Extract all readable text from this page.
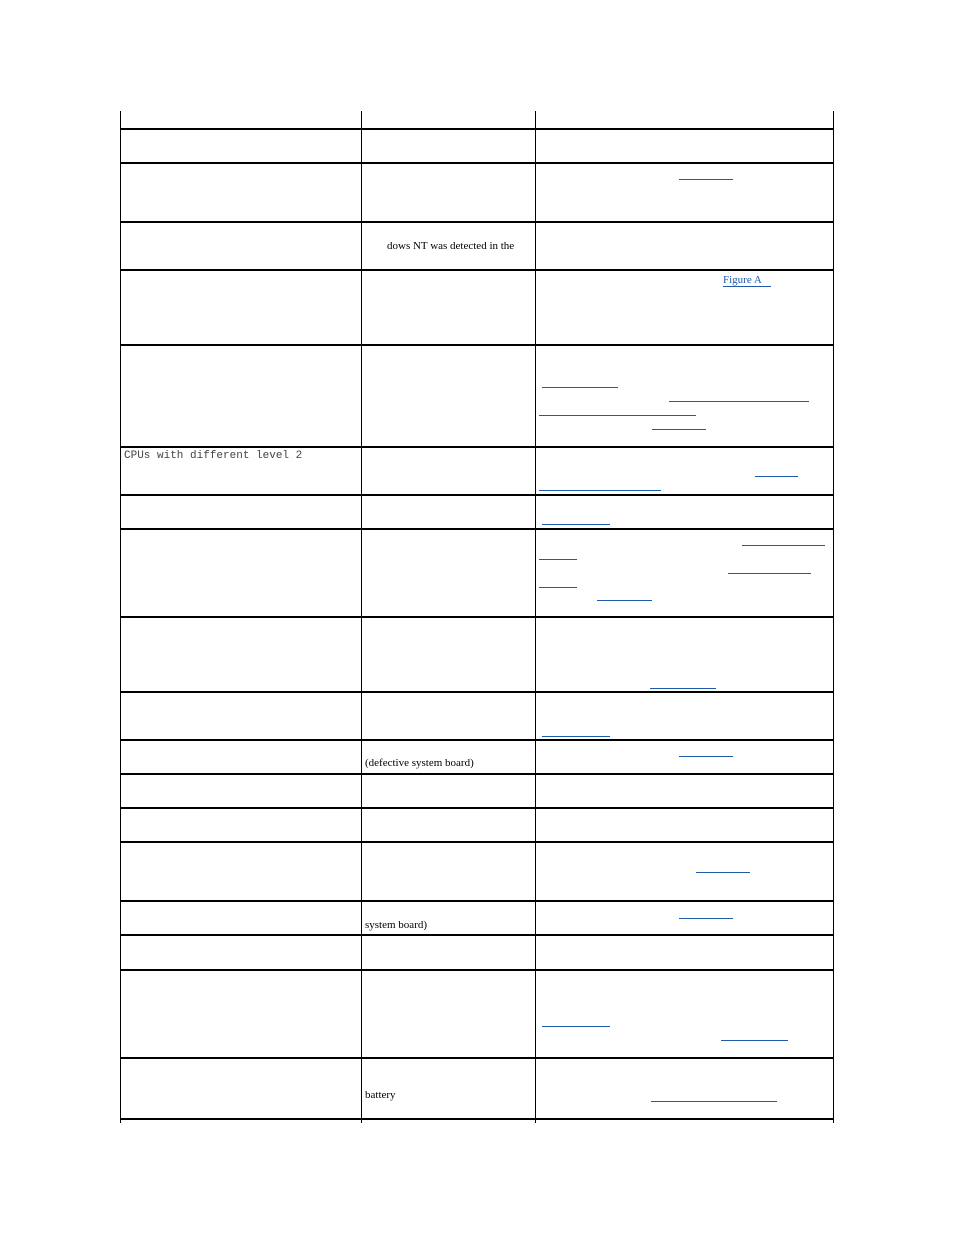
dows NT was detected in the
CPUs with different level 2
(defective system board)
system board)
battery
Figure A
